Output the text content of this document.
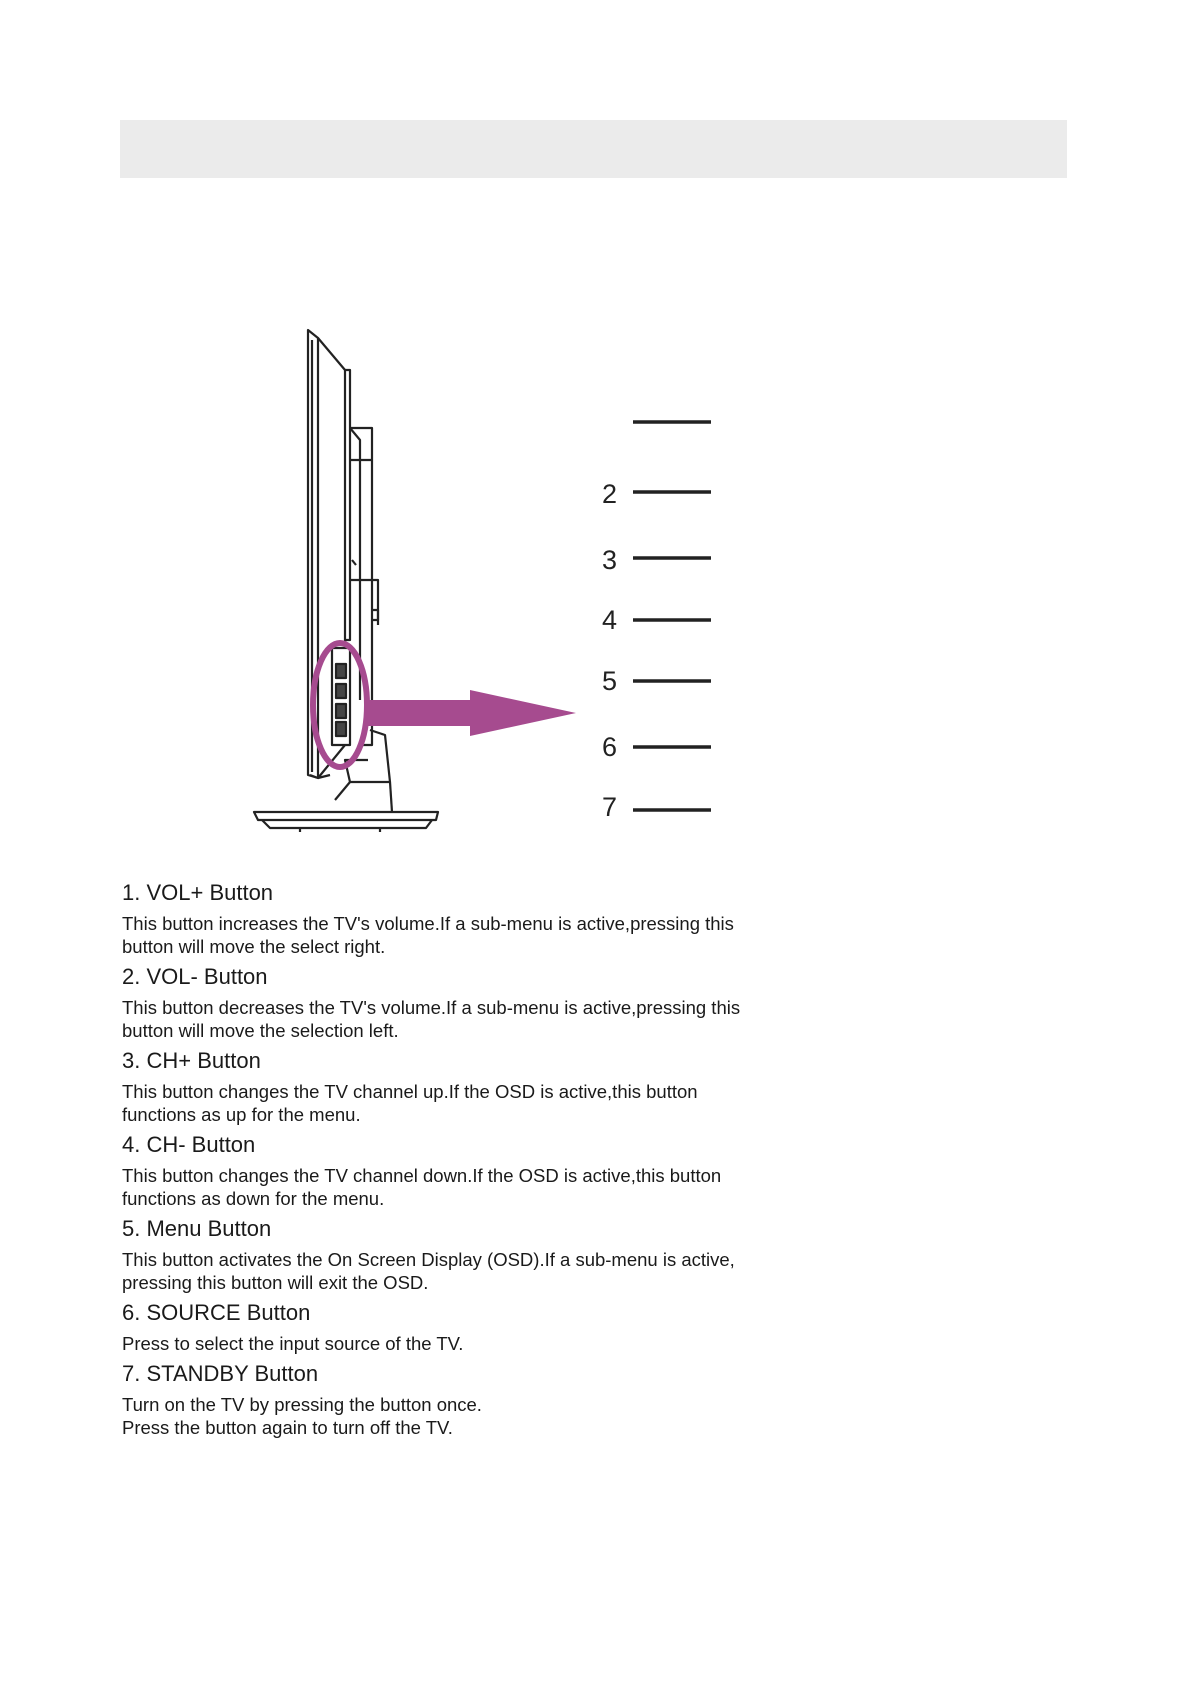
2
3
4
5
6
7

1. VOL+ Button

This button increases the TV's volume.If a sub-menu is active,pressing this
button will move the select right.

2. VOL- Button

This button decreases the TV's volume.If a sub-menu is active,pressing this
button will move the selection left.

3. CH+ Button

This button changes the TV channel up.If the OSD is active,this button
functions as up for the menu.

4. CH- Button

This button changes the TV channel down.If the OSD is active,this button
functions as down for the menu.

5. Menu Button

This button activates the On Screen Display (OSD).If a sub-menu is active,
pressing this button will exit the OSD.

6. SOURCE Button

Press to select the input source of the TV.

7. STANDBY Button

Turn on the TV by pressing the button once.
Press the button again to turn off the TV.
